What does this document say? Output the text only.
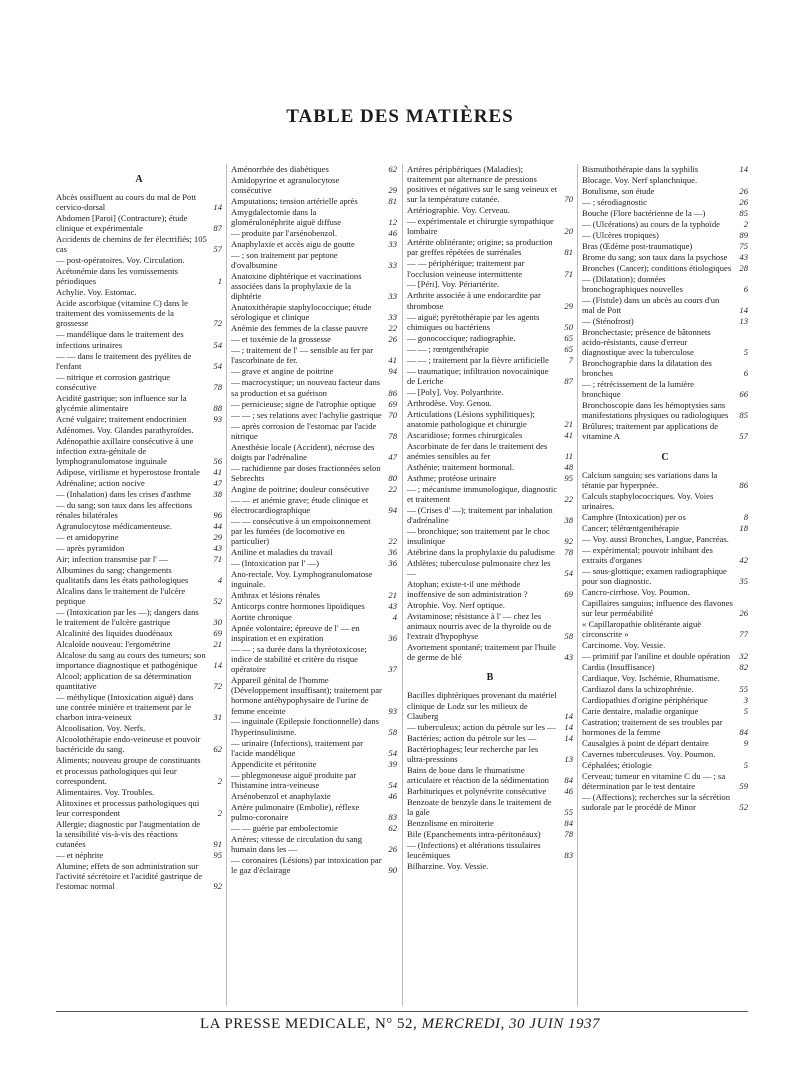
TABLE DES MATIÈRES
A
Abcès ossifluent au cours du mal de Pott cervico-dorsal	14
Abdomen [Paroi] (Contracture); étude clinique et expérimentale	87
Accidents de chemins de fer électrifiés; 105 cas	57
— post-opératoires. Voy. Circulation.
Acétonémie dans les vomissements périodiques	1
Achylie. Voy. Estomac.
Acide ascorbique (vitamine C) dans le traitement des vomissements de la grossesse	72
— mandélique dans le traitement des infections urinaires	54
— — dans le traitement des pyélites de l'enfant	54
— nitrique et corrosion gastrique consécutive	78
Acidité gastrique; son influence sur la glycémie alimentaire	88
Acné vulgaire; traitement endocrinien	93
Adénomes. Voy. Glandes parathyroïdes.
Adénopathie axillaire consécutive à une infection extra-génitale de lymphogranulomatose inguinale	56
Adipose, virilisme et hyperostose frontale 41
Adrénaline; action nocive	47
— (Inhalation) dans les crises d'asthme	38
— du sang; son taux dans les affections rénales bilatérales	96
Agranulocytose médicamenteuse.	44
— et amidopyrine	29
— après pyramidon	43
Air; infection transmise par l' —	71
Albumines du sang; changements qualitatifs dans les états pathologiques	4
Alcalins dans le traitement de l'ulcère peptique	52
— (Intoxication par les —); dangers dans le traitement de l'ulcère gastrique	30
Alcalinité des liquides duodénaux	69
Alcaloïde nouveau: l'ergométrine	21
Alcalose du sang au cours des tumeurs; son importance diagnostique et pathogénique 14
Alcool; application de sa détermination quantitative	72
— méthylique (Intoxication aiguë) dans une contrée minière et traitement par le charbon intra-veineux	31
Alcoolisation. Voy. Nerfs.
Alcoolothérapie endo-veineuse et pouvoir bactéricide du sang.	62
Aliments; nouveau groupe de constituants et processus pathologiques qui leur correspondent.	2
Alimentaires. Voy. Troubles.
Alitoxines et processus pathologiques qui leur correspondent	2
Allergie; diagnostic par l'augmentation de la sensibilité vis-à-vis des réactions cutanées	91
— et néphrite	95
Alumine; effets de son administration sur l'activité sécrétoire et l'acidité gastrique de l'estomac normal	92
Aménorrhée des diabétiques	62
Amidopyrine et agranulocytose consécutive	29
Amputations; tension artérielle après	81
Amygdalectomie dans la glomérulonéphrite aiguë diffuse	12
— produite par l'arsénobenzol.	46
Anaphylaxie et accès aigu de goutte	33
— ; son traitement par peptone d'ovalbumine	33
Anatoxine diphtérique et vaccinations associées dans la prophylaxie de la diphtérie	33
Anatoxithérapie staphylococcique; étude sérologique et clinique	33
Anémie des femmes de la classe pauvre 22
— et toxémie de la grossesse	26
— ; traitement de l' — sensible au fer par l'ascorbinate de fer.	41
— grave et angine de poitrine	94
— macrocystique; un nouveau facteur dans sa production et sa guérison	86
— pernicieuse; signe de l'atrophie optique 69
— — ; ses relations avec l'achylie gastrique 70
— après corrosion de l'estomac par l'acide nitrique	78
Anesthésie locale (Accident), nécrose des doigts par l'adrénaline	47
— rachidienne par doses fractionnées selon Sebrechts	80
Angine de poitrine; douleur consécutive 22
— — et anémie grave; étude clinique et électrocardiographique	94
— — consécutive à un empoisonnement par les fumées (de locomotive en particulier)	22
Aniline et maladies du travail	36
— (Intoxication par l' —)	36
Ano-rectale. Voy. Lymphogranulomatose inguinale.
Anthrax et lésions rénales	21
Anticorps contre hormones lipoïdiques	43
Aortite chronique	4
Apnée volontaire; épreuve de l' — en inspiration et en expiration	36
— — ; sa durée dans la thyréotoxicose; indice de stabilité et critère du risque opératoire	37
Appareil génital de l'homme (Développement insuffisant); traitement par hormone antéhypophysaire de l'urine de femme enceinte	93
— inguinale (Epilepsie fonctionnelle) dans l'hyperinsulinisme.	58
— urinaire (Infections), traitement par l'acide mandélique	54
Appendicite et péritonite	39
— phlegmoneuse aiguë produite par l'histamine intra-veineuse	54
Arsénobenzol et anaphylaxie	46
Artère pulmonaire (Embolie), réflexe pulmo-coronaire	83
— — guérie par embolectomie	62
Artères; vitesse de circulation du sang humain dans les —	26
— coronaires (Lésions) par intoxication par le gaz d'éclairage	90
Artères périphériques (Maladies); traitement par alternance de pressions positives et négatives sur le sang veineux et sur la température cutanée.	70
Artériographie. Voy. Cerveau.
— expérimentale et chirurgie sympathique lombaire	20
Artérite oblitérante; origine; sa production par greffes répétées de surrénales	81
— — périphérique; traitement par l'occlusion veineuse intermittente	71
— [Péri]. Voy. Périartérite.
Arthrite associée à une endocardite par thrombose	29
— aiguë; pyrétothérapie par les agents chimiques ou bactériens	50
— gonococcique; radiographie.	65
— — ; rœntgenthérapie	65
— — ; traitement par la fièvre artificielle 7
— traumatique; infiltration novocaïnique de Leriche	87
— [Poly]. Voy. Polyarthrite.
Arthrodèse. Voy. Genou.
Articulations (Lésions syphilitiques); anatomie pathologique et chirurgie	21
Ascaridiose; formes chirurgicales	41
Ascorbinate de fer dans le traitement des anémies sensibles au fer	11
Asthénie; traitement hormonal.	48
Asthme; protéose urinaire	95
— ; mécanisme immunologique, diagnostic et traitement	22
— (Crises d' —); traitement par inhalation d'adrénaline	38
— bronchique; son traitement par le choc insulinique	92
Atébrine dans la prophylaxie du paludisme 78
Athlètes; tuberculose pulmonaire chez les —	54
Atophan; existe-t-il une méthode inoffensive de son administration ?	69
Atrophie. Voy. Nerf optique.
Avitaminose; résistance à l' — chez les animaux nourris avec de la thyroïde ou de l'extrait d'hypophyse	58
Avortement spontané; traitement par l'huile de germe de blé	43
B
Bacilles diphtériques provenant du matériel clinique de Lodz sur les milieux de Clauberg	14
— tuberculeux; action du pétrole sur les — 14
Bactéries; action du pétrole sur les —	14
Bactériophages; leur recherche par les ultra-pressions	13
Bains de boue dans le rhumatisme articulaire et réaction de la sédimentation 84
Barbituriques et polynévrite consécutive 46
Benzoate de benzyle dans le traitement de la gale	55
Benzolisme en miroiterie	84
Bile (Epanchements intra-péritonéaux)	78
— (Infections) et altérations tissulaires leucémiques	83
Bilharzine. Voy. Vessie.
Bismuthothérapie dans la syphilis	14
Blocage. Voy. Nerf splanchnique.
Botulisme, son étude	26
— ; sérodiagnostic	26
Bouche (Flore bactérienne de la —)	85
— (Ulcérations) au cours de la typhoïde	2
— (Ulcères tropiques)	89
Bras (Œdème post-traumatique)	75
Brome du sang; son taux dans la psychose 43
Bronches (Cancer); conditions étiologiques 28
— (Dilatation); données bronchographiques nouvelles	6
— (Fistule) dans un abcès au cours d'un mal de Pott	14
— (Sténofrost)	13
Bronchectasie; présence de bâtonnets acido-résistants, cause d'erreur diagnostique avec la tuberculose	5
Bronchographie dans la dilatation des bronches	6
— ; rétrécissement de la lumière bronchique	66
Bronchoscopie dans les hémoptysies sans manifestations physiques ou radiologiques 85
Brûlures; traitement par applications de vitamine A	57
C
Calcium sanguin; ses variations dans la tétanie par hyperpnée.	86
Calculs staphylococciques. Voy. Voies urinaires.
Camphre (Intoxication) per os	8
Cancer; télérœntgenthérapie	18
— Voy. aussi Bronches, Langue, Pancréas.
— expérimental; pouvoir inhibant des extraits d'organes	42
— sous-glottique; examen radiographique pour son diagnostic.	35
Cancro-cirrhose. Voy. Poumon.
Capillaires sanguins; influence des flavones sur leur perméabilité	26
« Capillaropathie oblitérante aiguë circonscrite »	77
Carcinome. Voy. Vessie.
— primitif par l'aniline et double opération 32
Cardia (Insuffisance)	82
Cardiaque. Voy. Ischémie, Rhumatisme.
Cardiazol dans la schizophrénie.	55
Cardiopathies d'origine périphérique	3
Carie dentaire, maladie organique	5
Castration; traitement de ses troubles par hormones de la femme	84
Causalgies à point de départ dentaire	9
Cavernes tuberculeuses. Voy. Poumon.
Céphalées; étiologie	5
Cerveau; tumeur en vitamine C du — ; sa détermination par le test dentaire	59
— (Affections); recherches sur la sécrétion sudorale par le procédé de Minor	52
LA PRESSE MEDICALE, N° 52, MERCREDI, 30 JUIN 1937
